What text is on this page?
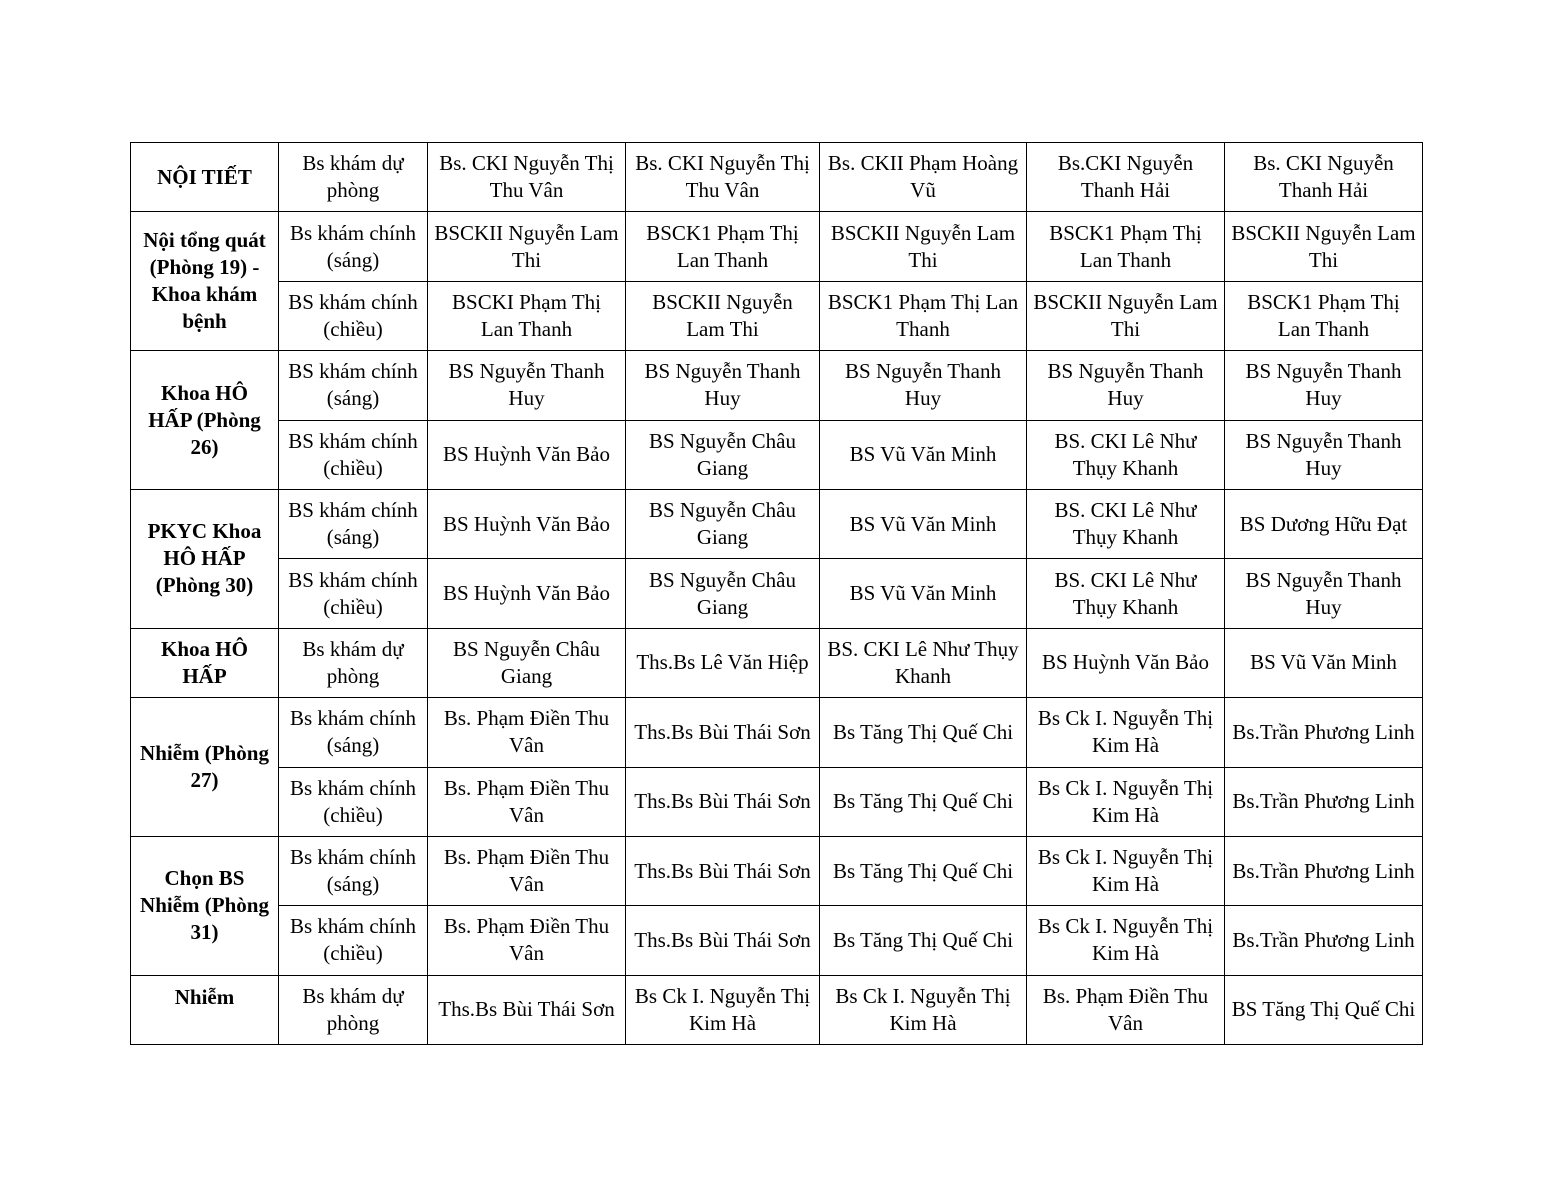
NỘI TIẾT	Bs khám dự phòng	Bs. CKI Nguyễn Thị Thu Vân	Bs. CKI Nguyễn Thị Thu Vân	Bs. CKII Phạm Hoàng Vũ	Bs.CKI Nguyễn Thanh Hải	Bs. CKI Nguyễn Thanh Hải
Nội tổng quát (Phòng 19) - Khoa khám bệnh	Bs khám chính (sáng)	BSCKII Nguyễn Lam Thi	BSCK1 Phạm Thị Lan Thanh	BSCKII Nguyễn Lam Thi	BSCK1 Phạm Thị Lan Thanh	BSCKII Nguyễn Lam Thi
	BS khám chính (chiều)	BSCKI Phạm Thị Lan Thanh	BSCKII Nguyễn Lam Thi	BSCK1 Phạm Thị Lan Thanh	BSCKII Nguyễn Lam Thi	BSCK1 Phạm Thị Lan Thanh
Khoa HÔ HẤP (Phòng 26)	BS khám chính (sáng)	BS Nguyễn Thanh Huy	BS Nguyễn Thanh Huy	BS Nguyễn Thanh Huy	BS Nguyễn Thanh Huy	BS Nguyễn Thanh Huy
	BS khám chính (chiều)	BS Huỳnh Văn Bảo	BS Nguyễn Châu Giang	BS Vũ Văn Minh	BS. CKI Lê Như Thụy Khanh	BS Nguyễn Thanh Huy
PKYC Khoa HÔ HẤP (Phòng 30)	BS khám chính (sáng)	BS Huỳnh Văn Bảo	BS Nguyễn Châu Giang	BS Vũ Văn Minh	BS. CKI Lê Như Thụy Khanh	BS Dương Hữu Đạt
	BS khám chính (chiều)	BS Huỳnh Văn Bảo	BS Nguyễn Châu Giang	BS Vũ Văn Minh	BS. CKI Lê Như Thụy Khanh	BS Nguyễn Thanh Huy
Khoa HÔ HẤP	Bs khám dự phòng	BS Nguyễn Châu Giang	Ths.Bs Lê Văn Hiệp	BS. CKI Lê Như Thụy Khanh	BS Huỳnh Văn Bảo	BS Vũ Văn Minh
Nhiễm (Phòng 27)	Bs khám chính (sáng)	Bs. Phạm Điền Thu Vân	Ths.Bs Bùi Thái Sơn	Bs Tăng Thị Quế Chi	Bs Ck I. Nguyễn Thị Kim Hà	Bs.Trần Phương Linh
	Bs khám chính (chiều)	Bs. Phạm Điền Thu Vân	Ths.Bs Bùi Thái Sơn	Bs Tăng Thị Quế Chi	Bs Ck I. Nguyễn Thị Kim Hà	Bs.Trần Phương Linh
Chọn BS Nhiễm (Phòng 31)	Bs khám chính (sáng)	Bs. Phạm Điền Thu Vân	Ths.Bs Bùi Thái Sơn	Bs Tăng Thị Quế Chi	Bs Ck I. Nguyễn Thị Kim Hà	Bs.Trần Phương Linh
	Bs khám chính (chiều)	Bs. Phạm Điền Thu Vân	Ths.Bs Bùi Thái Sơn	Bs Tăng Thị Quế Chi	Bs Ck I. Nguyễn Thị Kim Hà	Bs.Trần Phương Linh
Nhiễm	Bs khám dự phòng	Ths.Bs Bùi Thái Sơn	Bs Ck I. Nguyễn Thị Kim Hà	Bs Ck I. Nguyễn Thị Kim Hà	Bs. Phạm Điền Thu Vân	BS Tăng Thị Quế Chi
